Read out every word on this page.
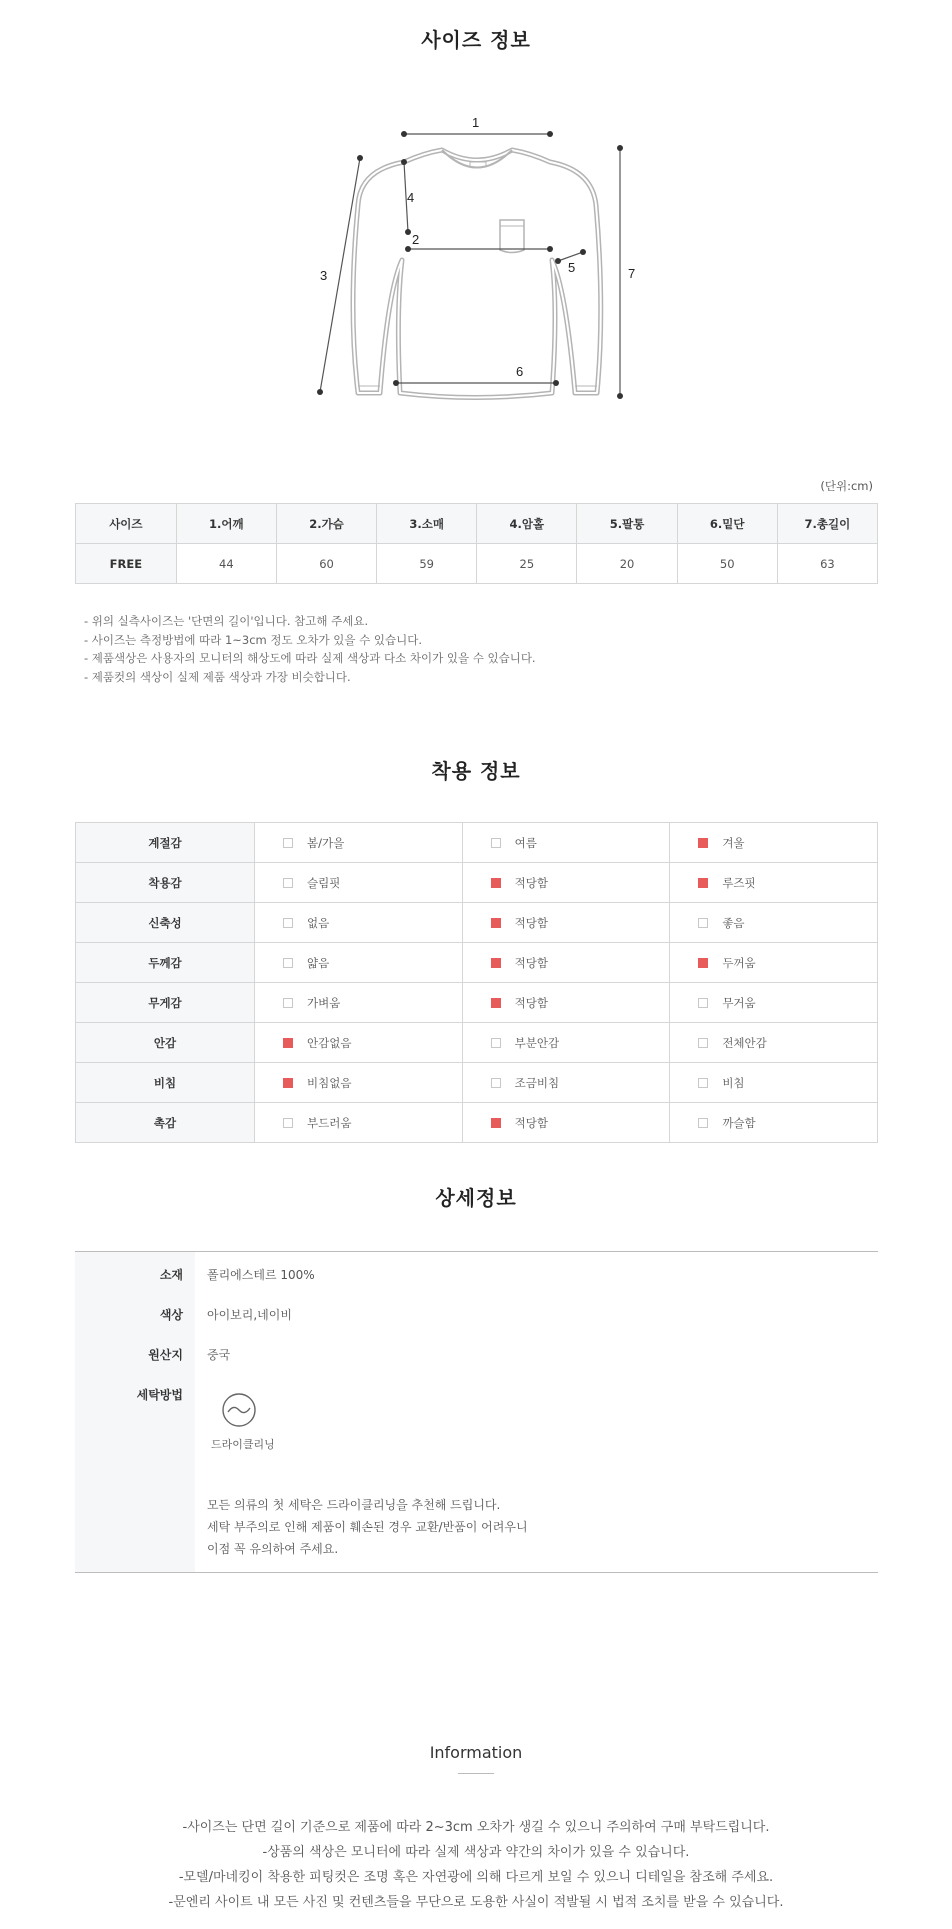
사이즈 정보
1
2
3
4
5
6
7
(단위:cm)
사이즈	1.어깨	2.가슴	3.소매	4.암홀	5.팔통	6.밑단	7.총길이
FREE	44	60	59	25	20	50	63
- 위의 실측사이즈는 '단면의 길이'입니다. 참고해 주세요.
- 사이즈는 측정방법에 따라 1~3cm 정도 오차가 있을 수 있습니다.
- 제품색상은 사용자의 모니터의 해상도에 따라 실제 색상과 다소 차이가 있을 수 있습니다.
- 제품컷의 색상이 실제 제품 색상과 가장 비슷합니다.
착용 정보
계절감	봄/가을	여름	겨울
착용감	슬림핏	적당함	루즈핏
신축성	없음	적당함	좋음
두께감	얇음	적당함	두꺼움
무게감	가벼움	적당함	무거움
안감	안감없음	부분안감	전체안감
비침	비침없음	조금비침	비침
촉감	부드러움	적당함	까슬함
상세정보
소재 폴리에스테르 100%
색상 아이보리,네이비
원산지 중국
세탁방법
드라이클리닝
모든 의류의 첫 세탁은 드라이클리닝을 추천해 드립니다.
세탁 부주의로 인해 제품이 훼손된 경우 교환/반품이 어려우니
이점 꼭 유의하여 주세요.
Information
-사이즈는 단면 길이 기준으로 제품에 따라 2~3cm 오차가 생길 수 있으니 주의하여 구매 부탁드립니다.
-상품의 색상은 모니터에 따라 실제 색상과 약간의 차이가 있을 수 있습니다.
-모델/마네킹이 착용한 피팅컷은 조명 혹은 자연광에 의해 다르게 보일 수 있으니 디테일을 참조해 주세요.
-문엔리 사이트 내 모든 사진 및 컨텐츠들을 무단으로 도용한 사실이 적발될 시 법적 조치를 받을 수 있습니다.
